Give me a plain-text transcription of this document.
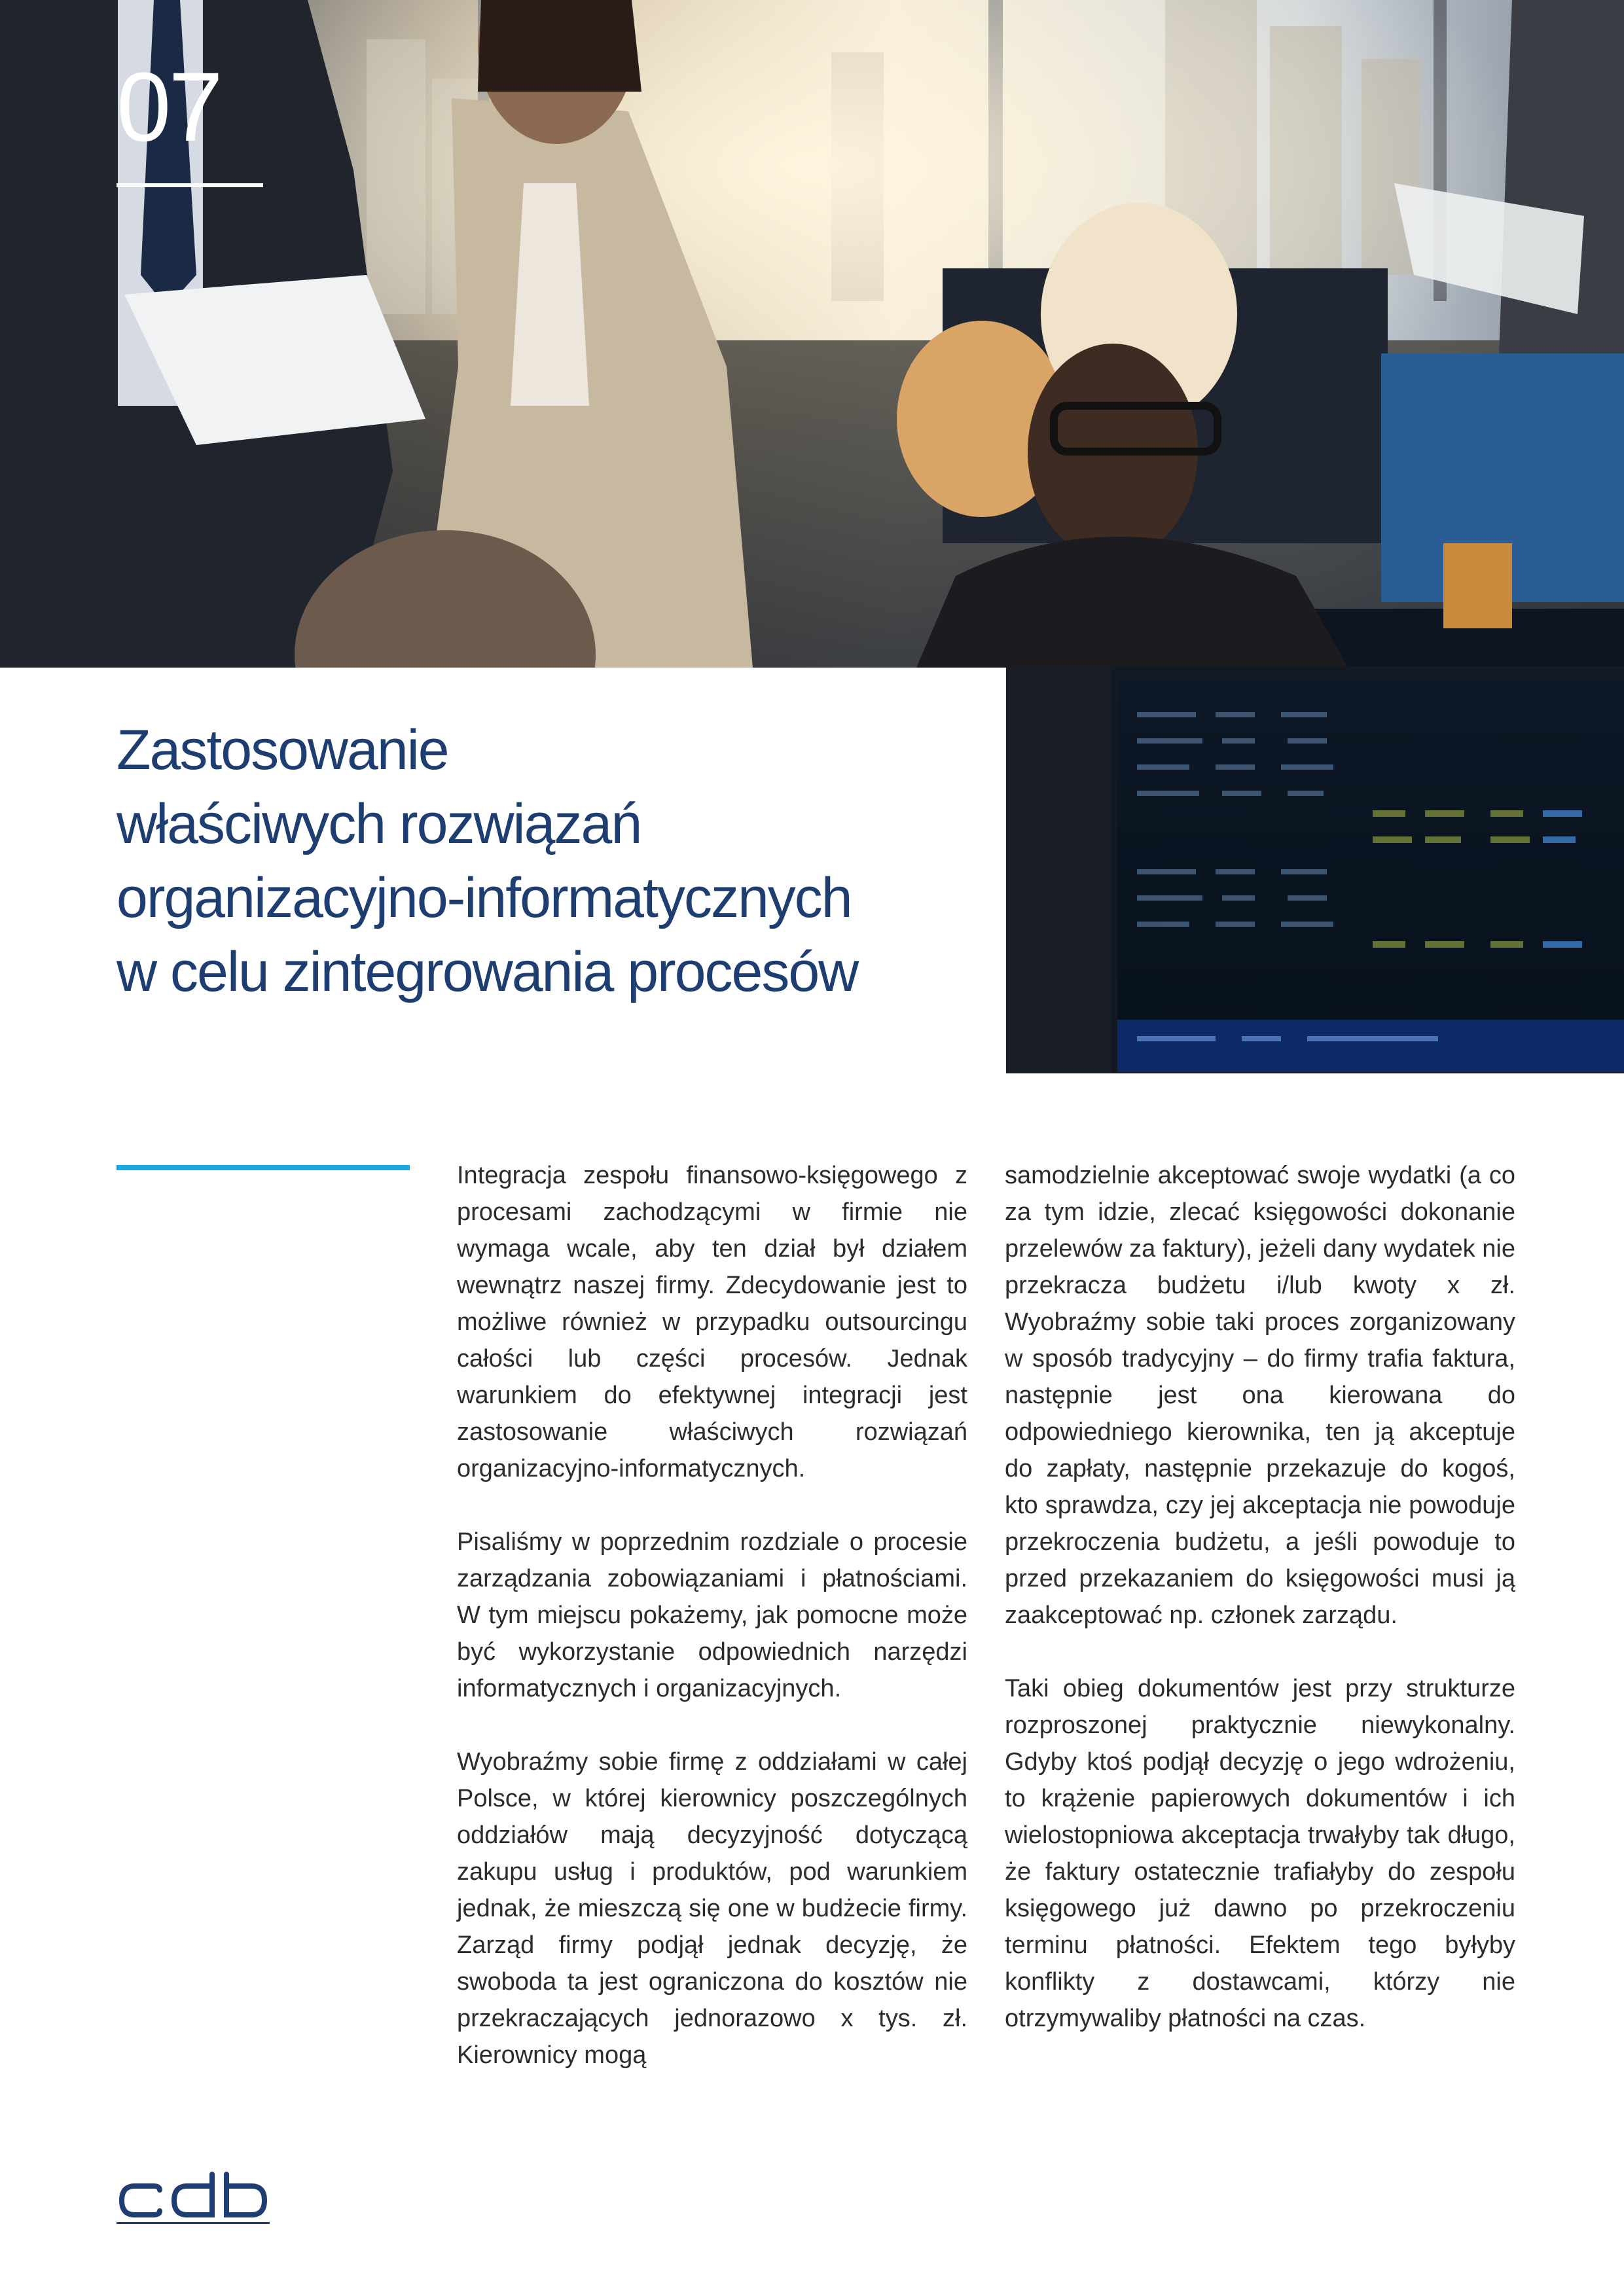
07
Zastosowanie
właściwych rozwiązań
organizacyjno-informatycznych
w celu zintegrowania procesów

Integracja zespołu finansowo-księgowego z procesami zachodzącymi w firmie nie wymaga wcale, aby ten dział był działem wewnątrz naszej firmy. Zdecydowanie jest to możliwe również w przypadku outsourcingu całości lub części procesów. Jednak warunkiem do efektywnej integracji jest zastosowanie właściwych rozwiązań organizacyjno-informatycznych.

Pisaliśmy w poprzednim rozdziale o procesie zarządzania zobowiązaniami i płatnościami. W tym miejscu pokażemy, jak pomocne może być wykorzystanie odpowiednich narzędzi informatycznych i organizacyjnych.

Wyobraźmy sobie firmę z oddziałami w całej Polsce, w której kierownicy poszczególnych oddziałów mają decyzyjność dotyczącą zakupu usług i produktów, pod warunkiem jednak, że mieszczą się one w budżecie firmy. Zarząd firmy podjął jednak decyzję, że swoboda ta jest ograniczona do kosztów nie przekraczających jednorazowo x tys. zł. Kierownicy mogą

samodzielnie akceptować swoje wydatki (a co za tym idzie, zlecać księgowości dokonanie przelewów za faktury), jeżeli dany wydatek nie przekracza budżetu i/lub kwoty x zł. Wyobraźmy sobie taki proces zorganizowany w sposób tradycyjny – do firmy trafia faktura, następnie jest ona kierowana do odpowiedniego kierownika, ten ją akceptuje do zapłaty, następnie przekazuje do kogoś, kto sprawdza, czy jej akceptacja nie powoduje przekroczenia budżetu, a jeśli powoduje to przed przekazaniem do księgowości musi ją zaakceptować np. członek zarządu.

Taki obieg dokumentów jest przy strukturze rozproszonej praktycznie niewykonalny. Gdyby ktoś podjął decyzję o jego wdrożeniu, to krążenie papierowych dokumentów i ich wielostopniowa akceptacja trwałyby tak długo, że faktury ostatecznie trafiałyby do zespołu księgowego już dawno po przekroczeniu terminu płatności. Efektem tego byłyby konflikty z dostawcami, którzy nie otrzymywaliby płatności na czas.
